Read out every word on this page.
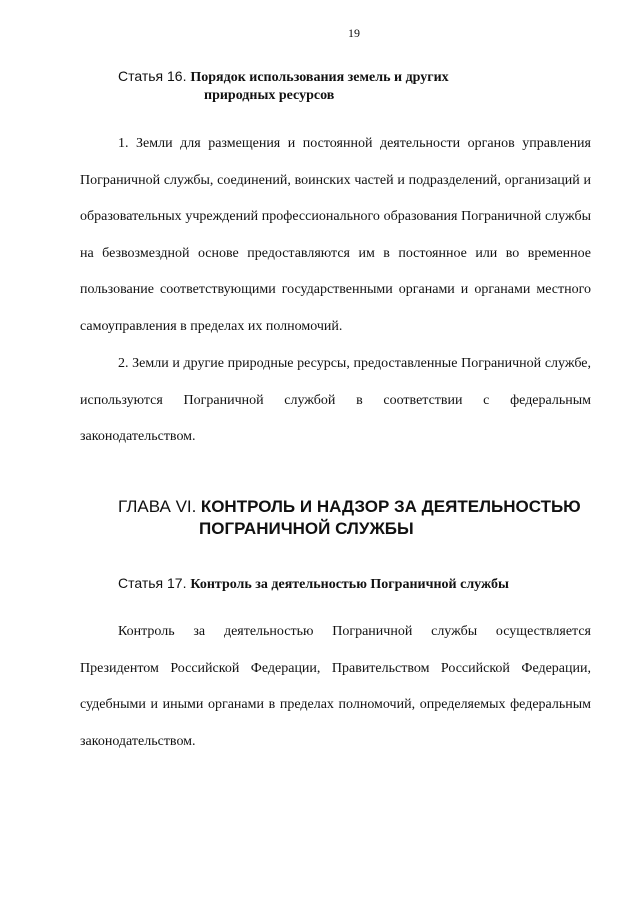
19
Статья 16. Порядок использования земель и других
природных ресурсов

1. Земли для размещения и постоянной деятельности органов управления Пограничной службы, соединений, воинских частей и подразделений, организаций и образовательных учреждений профессионального образования Пограничной службы на безвозмездной основе предоставляются им в постоянное или во временное пользование соответствующими государственными органами и органами местного самоуправления в пределах их полномочий.

2. Земли и другие природные ресурсы, предоставленные Пограничной службе, используются Пограничной службой в соответствии с федеральным законодательством.

ГЛАВА VI. КОНТРОЛЬ И НАДЗОР ЗА ДЕЯТЕЛЬНОСТЬЮ
ПОГРАНИЧНОЙ СЛУЖБЫ
Статья 17. Контроль за деятельностью Пограничной службы

Контроль за деятельностью Пограничной службы осуществляется Президентом Российской Федерации, Правительством Российской Федерации, судебными и иными органами в пределах полномочий, определяемых федеральным законодательством.
